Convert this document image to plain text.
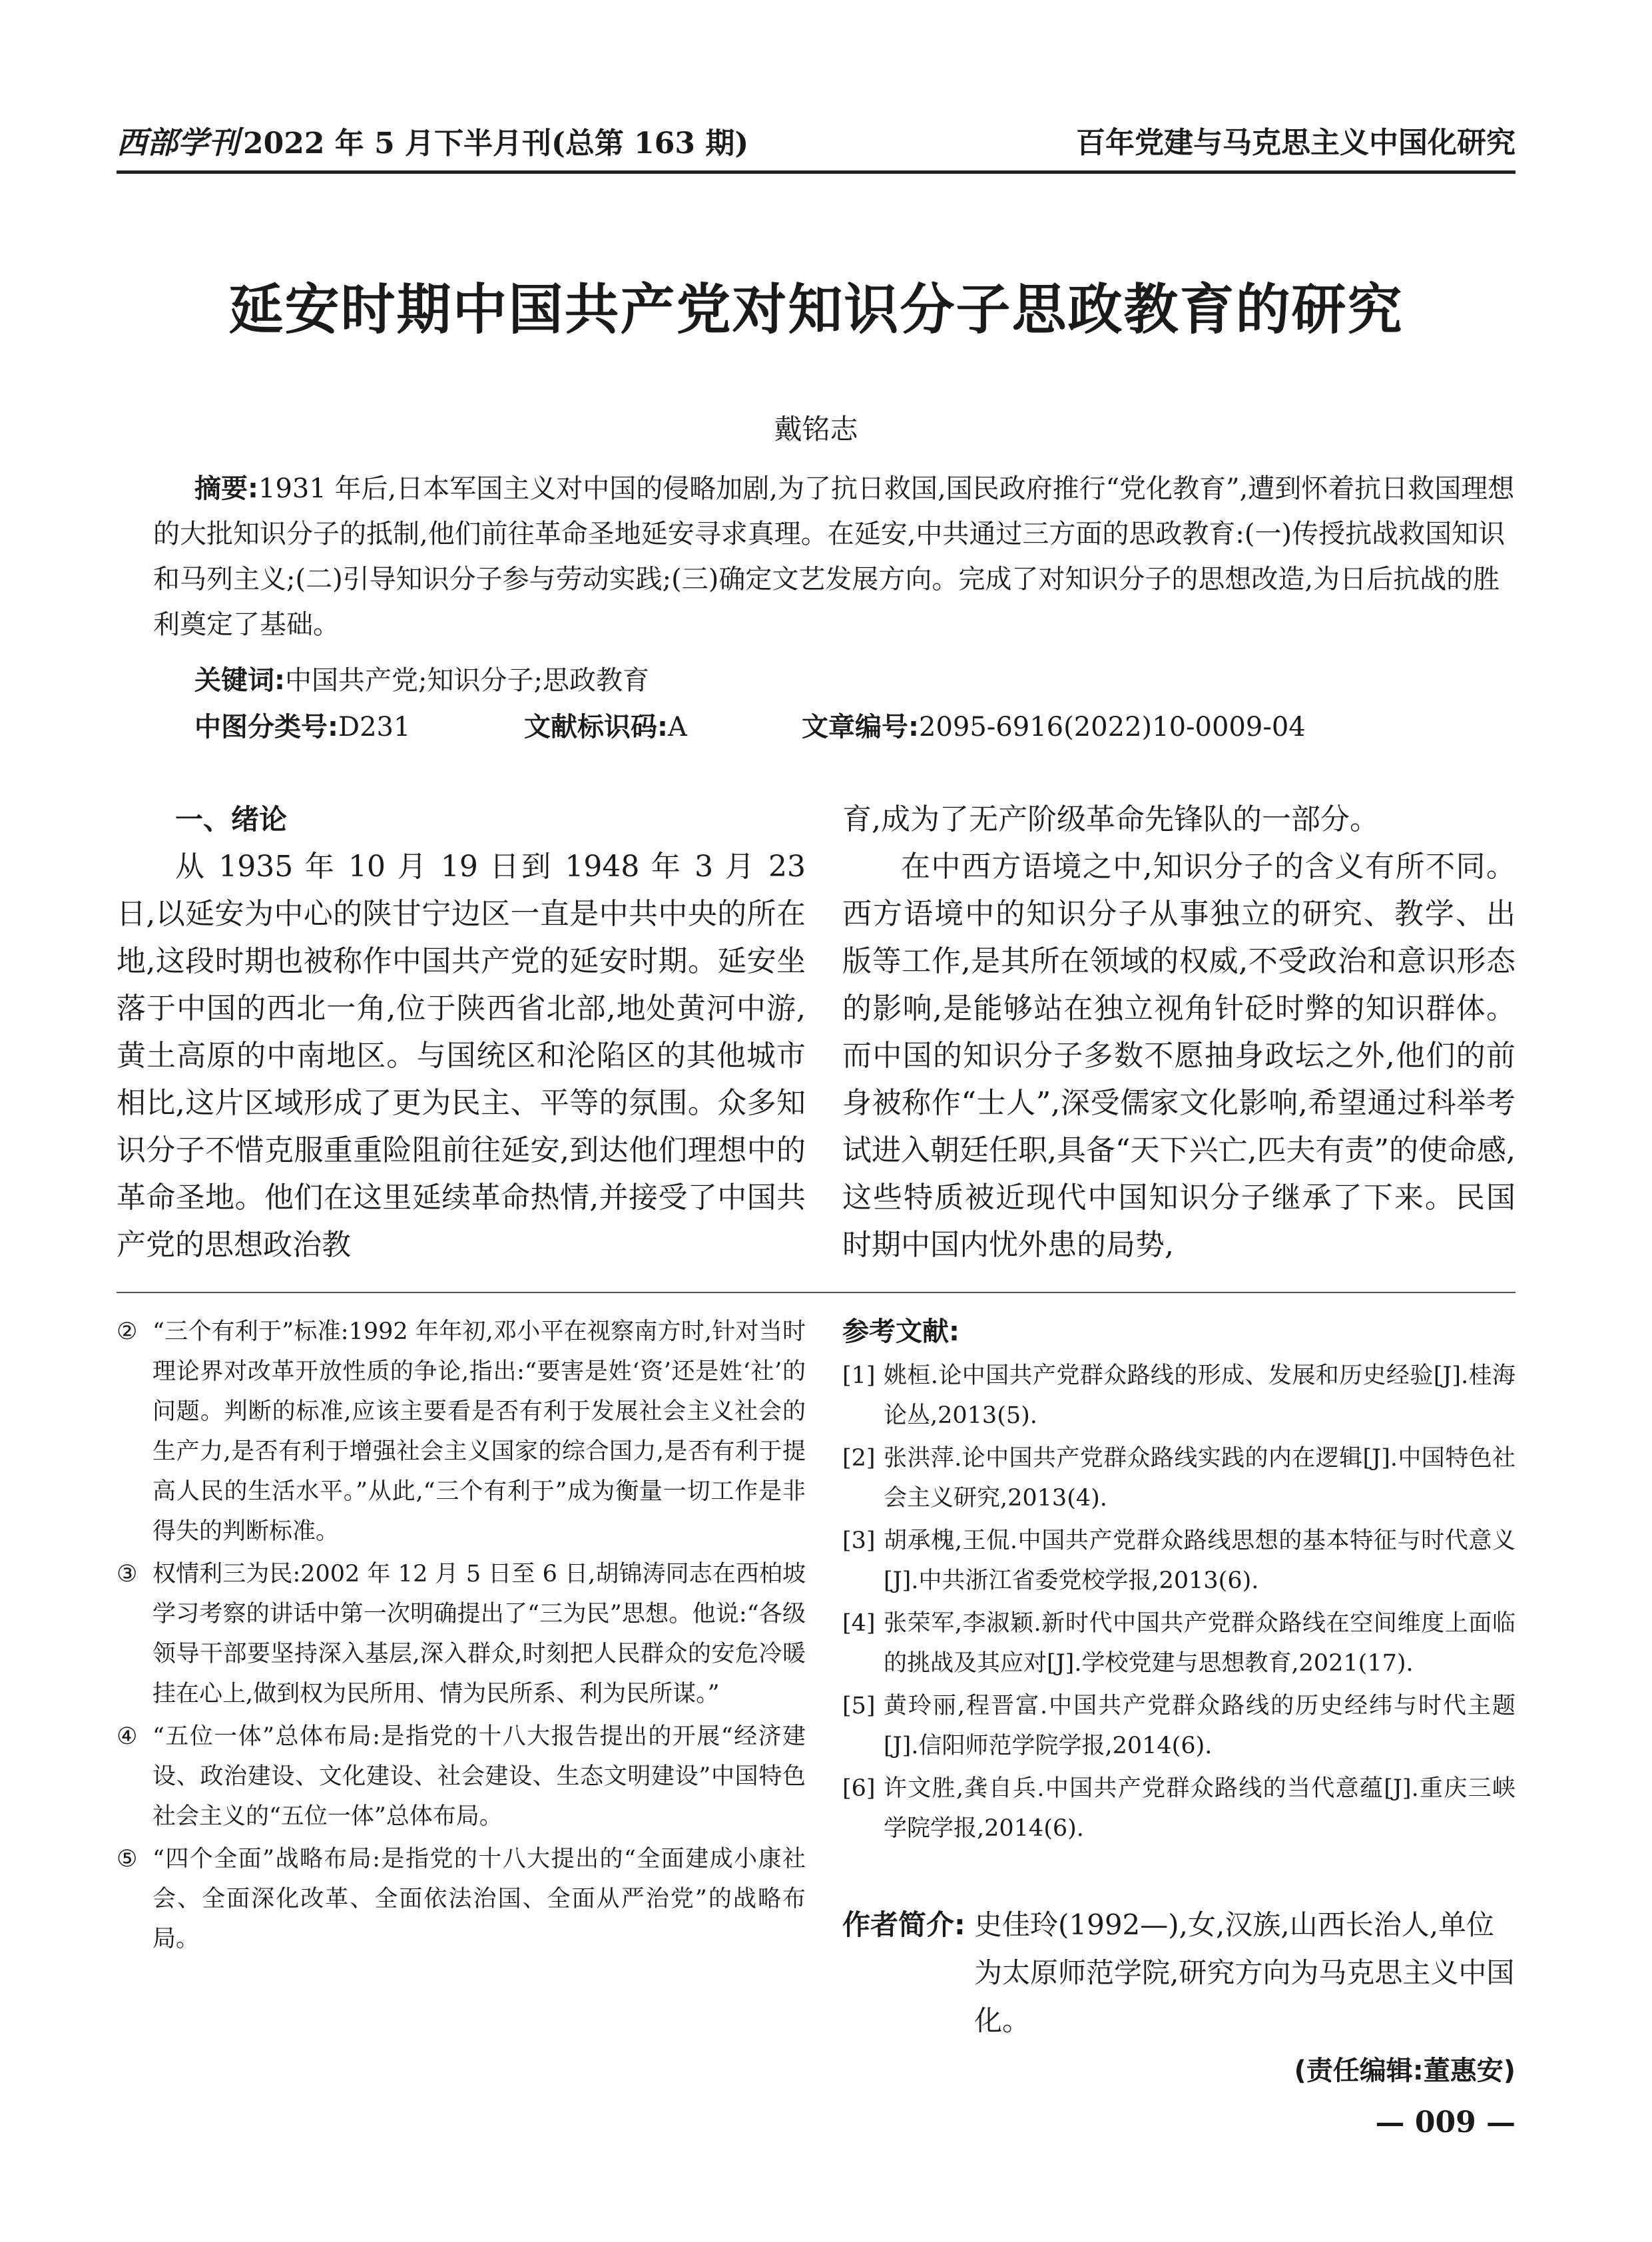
西部学刊 2022 年 5 月下半月刊(总第 163 期)	百年党建与马克思主义中国化研究
延安时期中国共产党对知识分子思政教育的研究
戴铭志
摘要:1931 年后,日本军国主义对中国的侵略加剧,为了抗日救国,国民政府推行“党化教育”,遭到怀着抗日救国理想的大批知识分子的抵制,他们前往革命圣地延安寻求真理。在延安,中共通过三方面的思政教育:(一)传授抗战救国知识和马列主义;(二)引导知识分子参与劳动实践;(三)确定文艺发展方向。完成了对知识分子的思想改造,为日后抗战的胜利奠定了基础。
关键词:中国共产党;知识分子;思政教育
中图分类号:D231	文献标识码:A	文章编号:2095-6916(2022)10-0009-04
一、绪论

从 1935 年 10 月 19 日到 1948 年 3 月 23 日,以延安为中心的陕甘宁边区一直是中共中央的所在地,这段时期也被称作中国共产党的延安时期。延安坐落于中国的西北一角,位于陕西省北部,地处黄河中游,黄土高原的中南地区。与国统区和沦陷区的其他城市相比,这片区域形成了更为民主、平等的氛围。众多知识分子不惜克服重重险阻前往延安,到达他们理想中的革命圣地。他们在这里延续革命热情,并接受了中国共产党的思想政治教

育,成为了无产阶级革命先锋队的一部分。

在中西方语境之中,知识分子的含义有所不同。西方语境中的知识分子从事独立的研究、教学、出版等工作,是其所在领域的权威,不受政治和意识形态的影响,是能够站在独立视角针砭时弊的知识群体。而中国的知识分子多数不愿抽身政坛之外,他们的前身被称作“士人”,深受儒家文化影响,希望通过科举考试进入朝廷任职,具备“天下兴亡,匹夫有责”的使命感,这些特质被近现代中国知识分子继承了下来。民国时期中国内忧外患的局势,

② “三个有利于”标准:1992 年年初,邓小平在视察南方时,针对当时理论界对改革开放性质的争论,指出:“要害是姓‘资’还是姓‘社’的问题。判断的标准,应该主要看是否有利于发展社会主义社会的生产力,是否有利于增强社会主义国家的综合国力,是否有利于提高人民的生活水平。”从此,“三个有利于”成为衡量一切工作是非得失的判断标准。
③ 权情利三为民:2002 年 12 月 5 日至 6 日,胡锦涛同志在西柏坡学习考察的讲话中第一次明确提出了“三为民”思想。他说:“各级领导干部要坚持深入基层,深入群众,时刻把人民群众的安危冷暖挂在心上,做到权为民所用、情为民所系、利为民所谋。”
④ “五位一体”总体布局:是指党的十八大报告提出的开展“经济建设、政治建设、文化建设、社会建设、生态文明建设”中国特色社会主义的“五位一体”总体布局。
⑤ “四个全面”战略布局:是指党的十八大提出的“全面建成小康社会、全面深化改革、全面依法治国、全面从严治党”的战略布局。
参考文献:
[1] 姚桓.论中国共产党群众路线的形成、发展和历史经验[J].桂海论丛,2013(5).
[2] 张洪萍.论中国共产党群众路线实践的内在逻辑[J].中国特色社会主义研究,2013(4).
[3] 胡承槐,王侃.中国共产党群众路线思想的基本特征与时代意义[J].中共浙江省委党校学报,2013(6).
[4] 张荣军,李淑颖.新时代中国共产党群众路线在空间维度上面临的挑战及其应对[J].学校党建与思想教育,2021(17).
[5] 黄玲丽,程晋富.中国共产党群众路线的历史经纬与时代主题[J].信阳师范学院学报,2014(6).
[6] 许文胜,龚自兵.中国共产党群众路线的当代意蕴[J].重庆三峡学院学报,2014(6).
作者简介: 史佳玲(1992—),女,汉族,山西长治人,单位为太原师范学院,研究方向为马克思主义中国化。
(责任编辑:董惠安)
— 009 —
